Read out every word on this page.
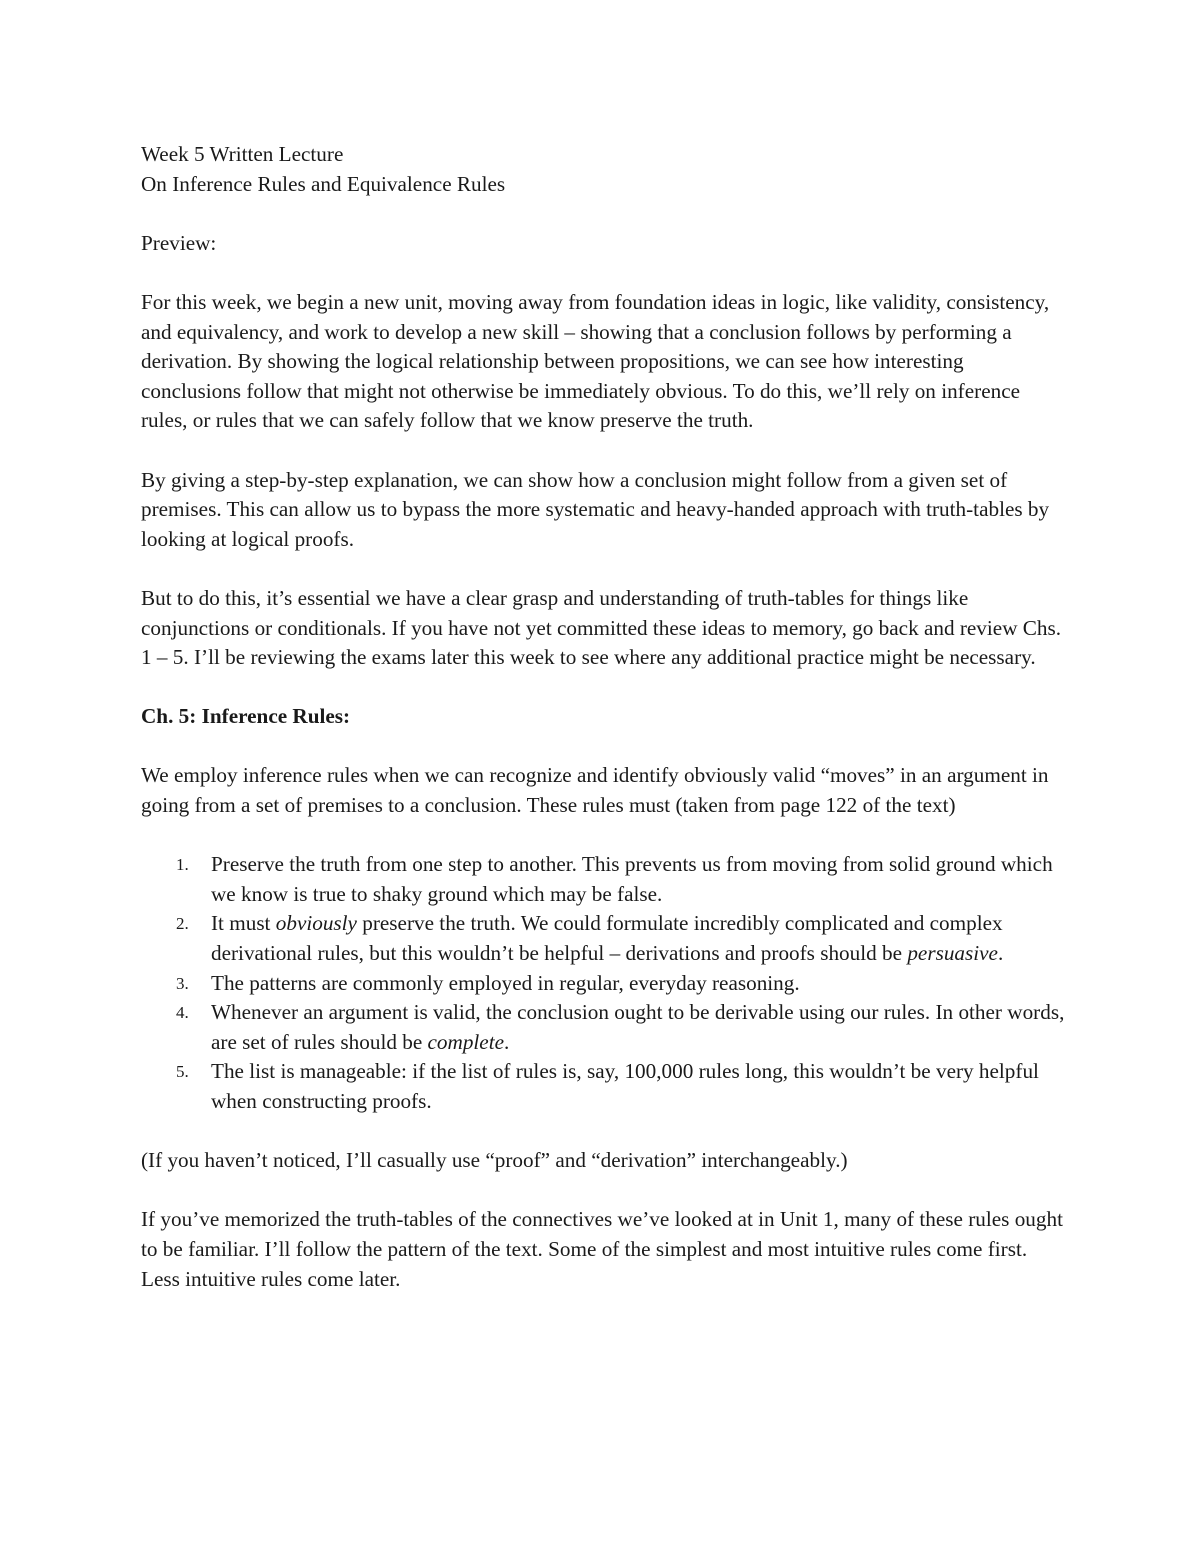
Week 5 Written Lecture
On Inference Rules and Equivalence Rules
Preview:

For this week, we begin a new unit, moving away from foundation ideas in logic, like validity, consistency, and equivalency, and work to develop a new skill – showing that a conclusion follows by performing a derivation. By showing the logical relationship between propositions, we can see how interesting conclusions follow that might not otherwise be immediately obvious. To do this, we’ll rely on inference rules, or rules that we can safely follow that we know preserve the truth.

By giving a step-by-step explanation, we can show how a conclusion might follow from a given set of premises. This can allow us to bypass the more systematic and heavy-handed approach with truth-tables by looking at logical proofs.

But to do this, it’s essential we have a clear grasp and understanding of truth-tables for things like conjunctions or conditionals. If you have not yet committed these ideas to memory, go back and review Chs. 1 – 5. I’ll be reviewing the exams later this week to see where any additional practice might be necessary.

Ch. 5: Inference Rules:

We employ inference rules when we can recognize and identify obviously valid “moves” in an argument in going from a set of premises to a conclusion. These rules must (taken from page 122 of the text)

1. Preserve the truth from one step to another. This prevents us from moving from solid ground which we know is true to shaky ground which may be false.
2. It must obviously preserve the truth. We could formulate incredibly complicated and complex derivational rules, but this wouldn’t be helpful – derivations and proofs should be persuasive.
3. The patterns are commonly employed in regular, everyday reasoning.
4. Whenever an argument is valid, the conclusion ought to be derivable using our rules. In other words, are set of rules should be complete.
5. The list is manageable: if the list of rules is, say, 100,000 rules long, this wouldn’t be very helpful when constructing proofs.

(If you haven’t noticed, I’ll casually use “proof” and “derivation” interchangeably.)

If you’ve memorized the truth-tables of the connectives we’ve looked at in Unit 1, many of these rules ought to be familiar. I’ll follow the pattern of the text. Some of the simplest and most intuitive rules come first. Less intuitive rules come later.
